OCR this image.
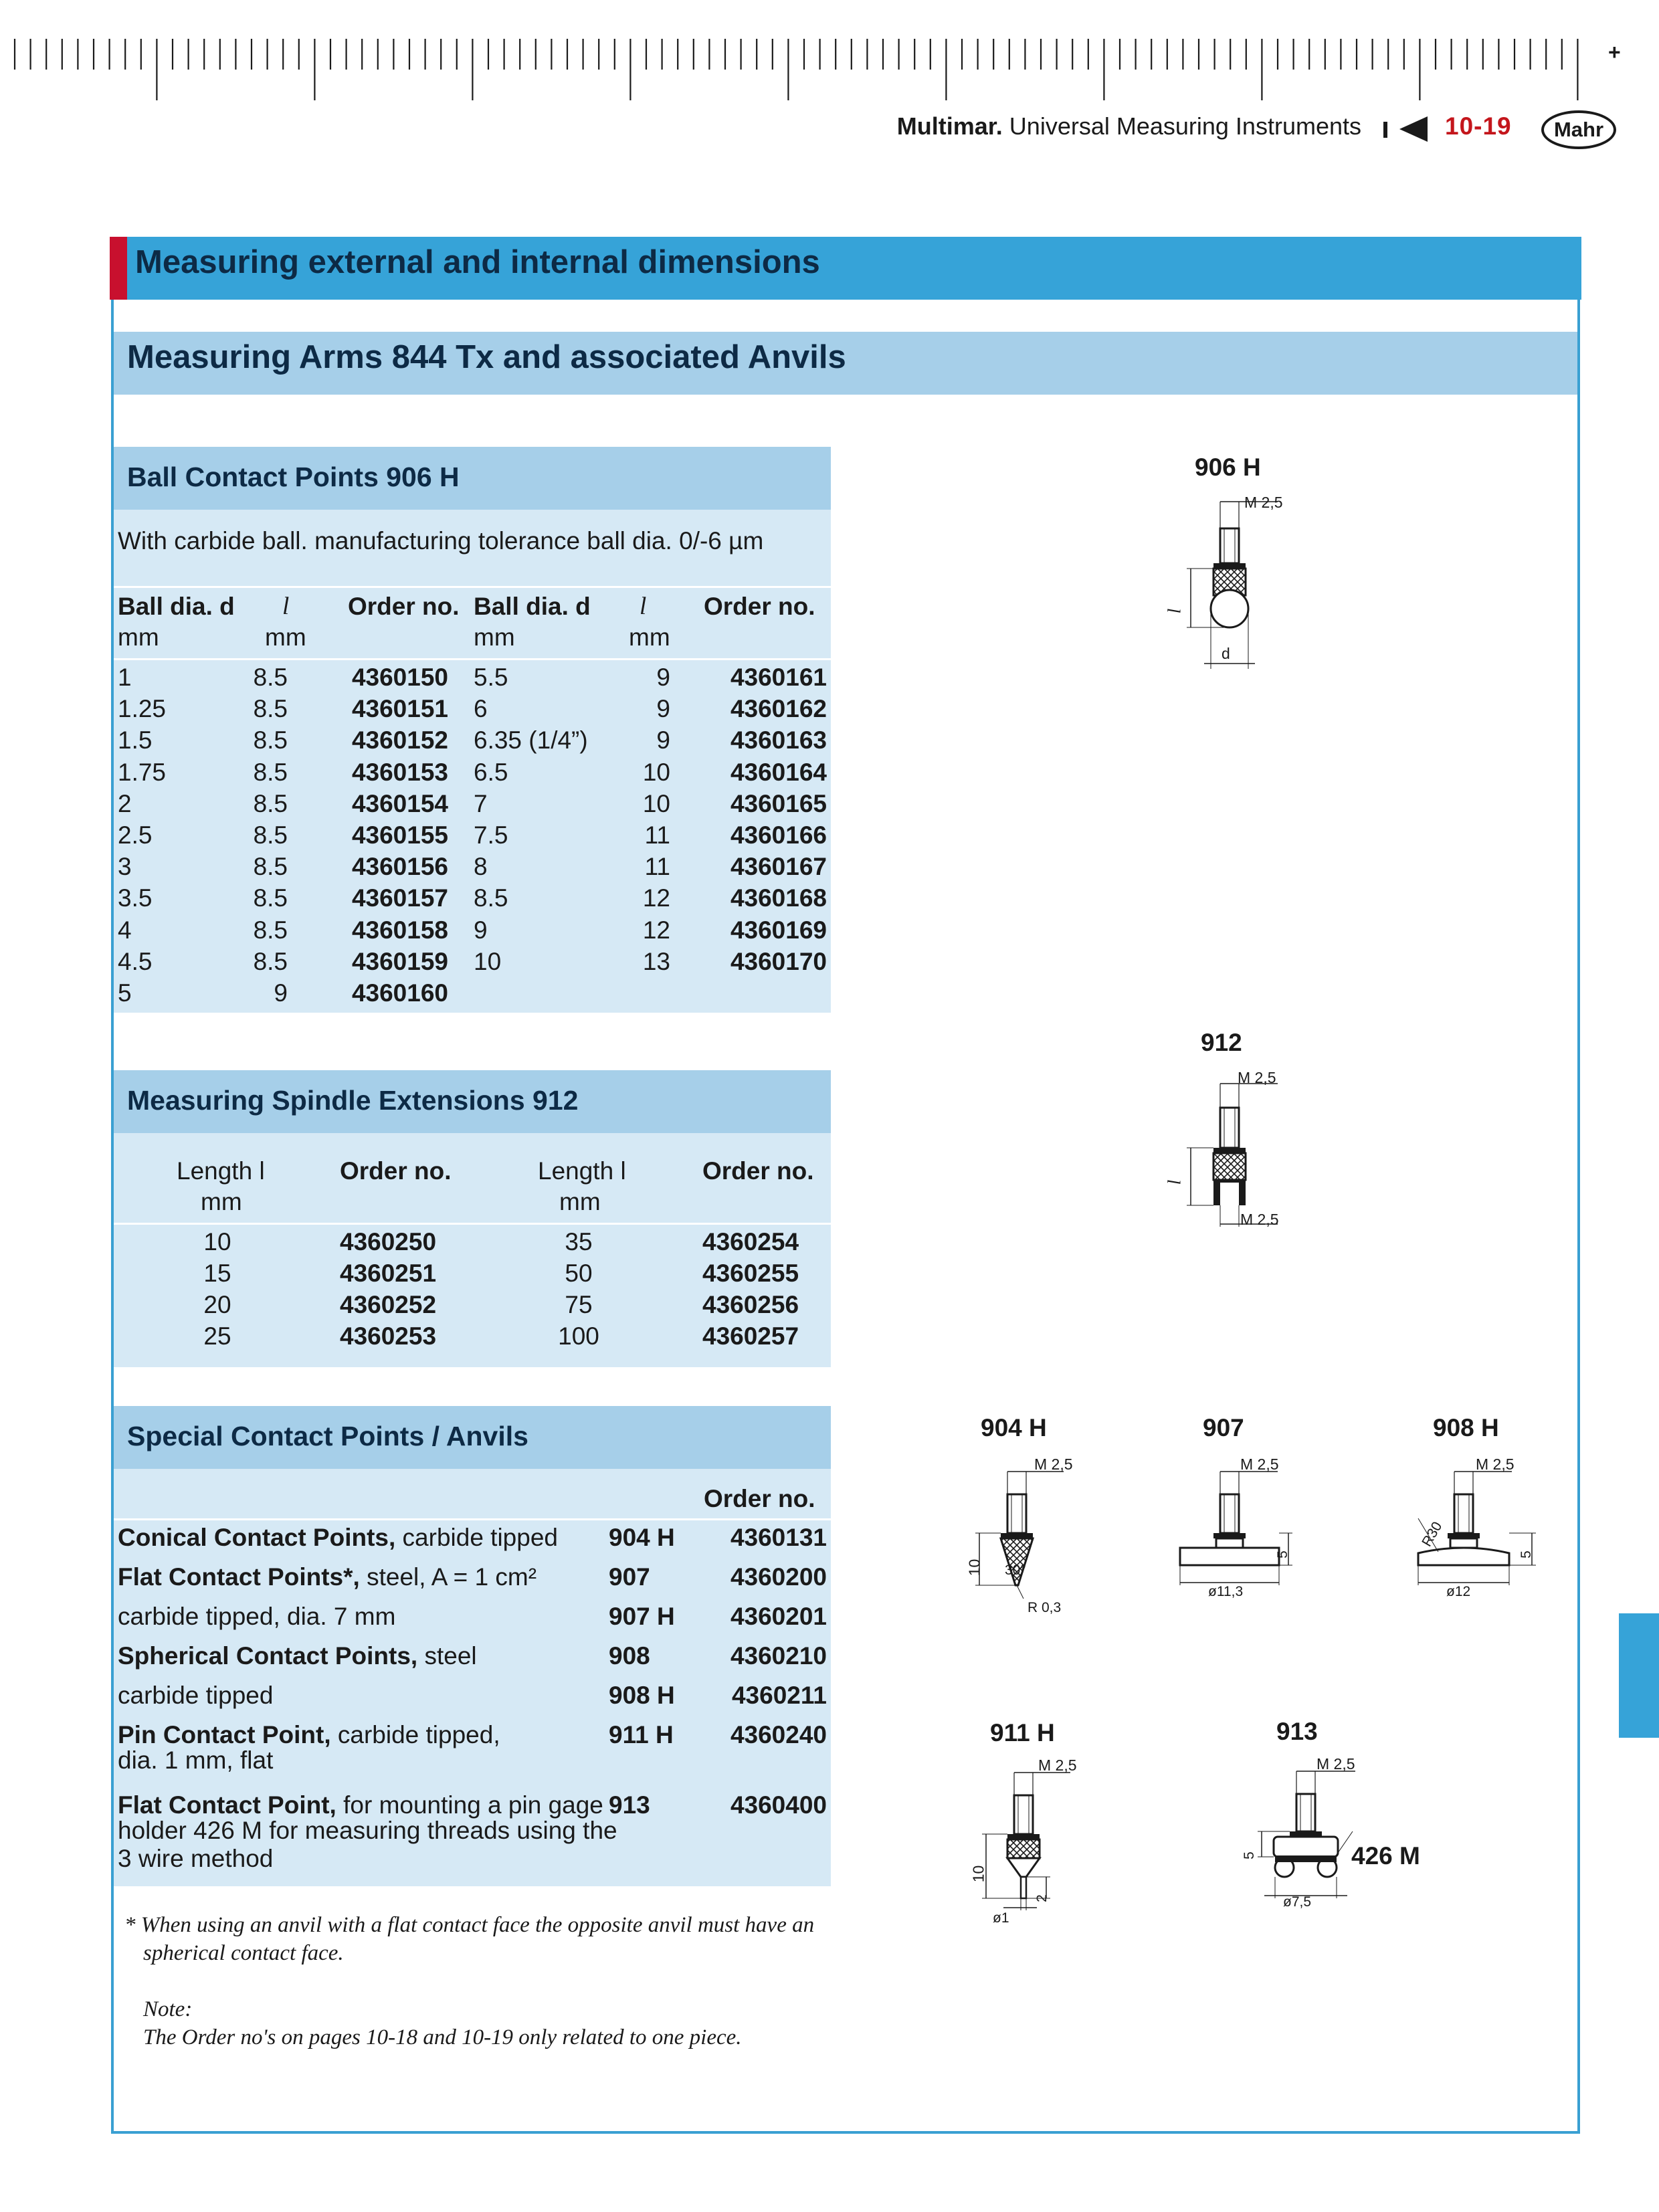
+
Multimar. Universal Measuring Instruments	10-19	Mahr
Measuring external and internal dimensions
Measuring Arms 844 Tx and associated Anvils
Ball Contact Points 906 H
With carbide ball. manufacturing tolerance ball dia. 0/-6 µm
Ball dia. d l Order no. Ball dia. d l Order no.
mm	mm	mm	mm
1	8.5	4360150 5.5	9	4360161
1.25	8.5	4360151 6	9	4360162
1.5	8.5	4360152 6.35 (1/4”)	9	4360163
1.75	8.5	4360153 6.5	10	4360164
2	8.5	4360154 7	10	4360165
2.5	8.5	4360155 7.5	11	4360166
3	8.5	4360156 8	11	4360167
3.5	8.5	4360157 8.5	12	4360168
4	8.5	4360158 9	12	4360169
4.5	8.5	4360159 10	13	4360170
5	9	4360160
Measuring Spindle Extensions 912
Length l	Order no.	Length l	Order no.
mm	mm
10	4360250	35	4360254
15	4360251	50	4360255
20	4360252	75	4360256
25	4360253	100	4360257
Special Contact Points / Anvils
Order no.
Conical Contact Points, carbide tipped 904 H	4360131
Flat Contact Points*, steel, A = 1 cm²	907	4360200
carbide tipped, dia. 7 mm	907 H	4360201
Spherical Contact Points, steel	908	4360210
carbide tipped	908 H	4360211
Pin Contact Point, carbide tipped,
dia. 1 mm, flat
911 H	4360240
Flat Contact Point, for mounting a pin gage
holder 426 M for measuring threads using the
3 wire method
913	4360400
* When using an anvil with a flat contact face the opposite anvil must have an
spherical contact face.
Note:
The Order no's on pages 10-18 and 10-19 only related to one piece.
906 H
M 2,5
l
d
912
M 2,5
M 2,5
l
904 H
M 2,5
10 30°
R 0,3
907
M 2,5
5
ø11,3
908 H
M 2,5
5
ø12
R30
911 H
M 2,5
10
ø1
2
913
M 2,5
5
ø7,5
426 M
